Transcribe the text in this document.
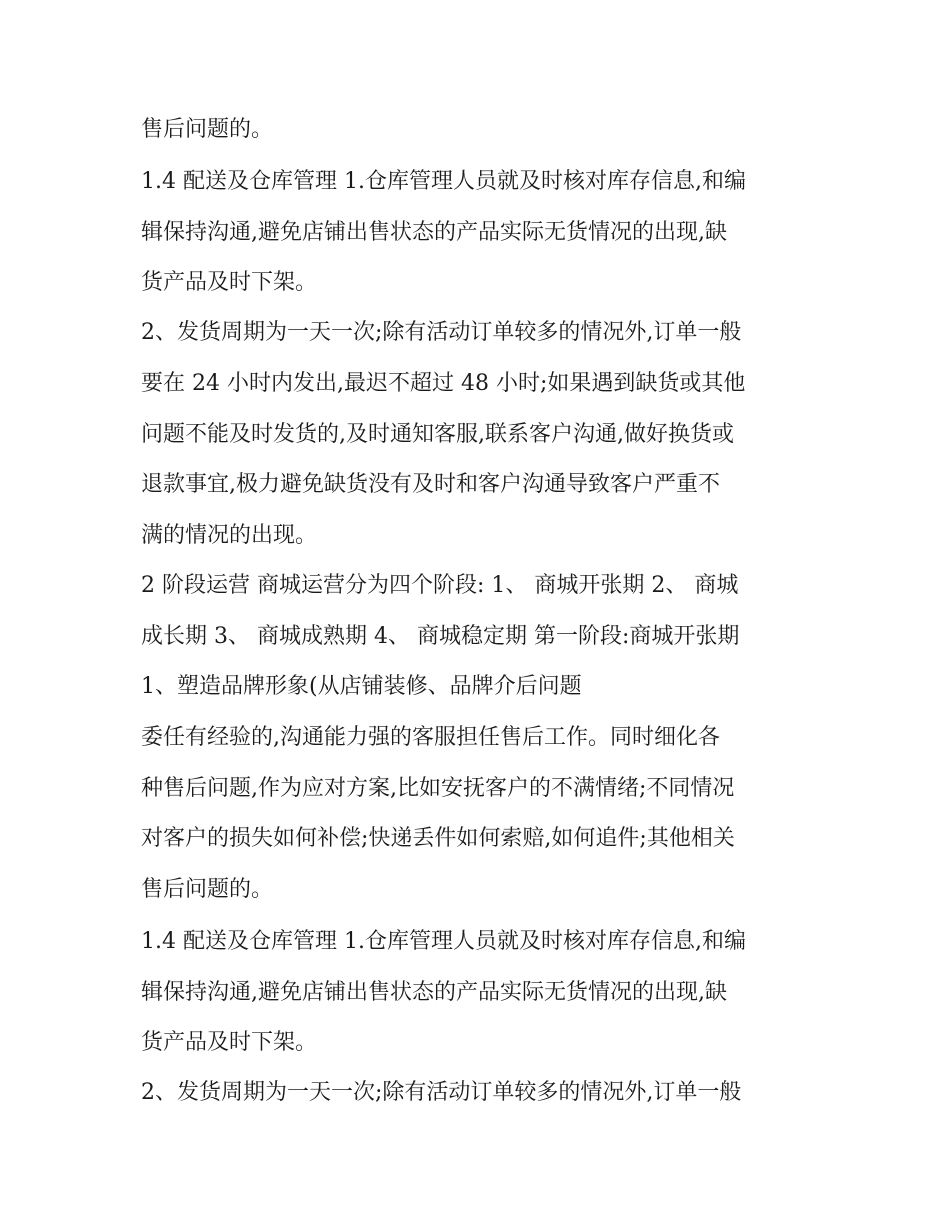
售后问题的。
1.4 配送及仓库管理 1.仓库管理人员就及时核对库存信息,和编
辑保持沟通,避免店铺出售状态的产品实际无货情况的出现,缺
货产品及时下架。
2、发货周期为一天一次;除有活动订单较多的情况外,订单一般
要在 24 小时内发出,最迟不超过 48 小时;如果遇到缺货或其他
问题不能及时发货的,及时通知客服,联系客户沟通,做好换货或
退款事宜,极力避免缺货没有及时和客户沟通导致客户严重不
满的情况的出现。
2 阶段运营 商城运营分为四个阶段: 1、 商城开张期 2、 商城
成长期 3、 商城成熟期 4、 商城稳定期 第一阶段:商城开张期
1、塑造品牌形象(从店铺装修、品牌介后问题
委任有经验的,沟通能力强的客服担任售后工作。同时细化各
种售后问题,作为应对方案,比如安抚客户的不满情绪;不同情况
对客户的损失如何补偿;快递丢件如何索赔,如何追件;其他相关
售后问题的。
1.4 配送及仓库管理 1.仓库管理人员就及时核对库存信息,和编
辑保持沟通,避免店铺出售状态的产品实际无货情况的出现,缺
货产品及时下架。
2、发货周期为一天一次;除有活动订单较多的情况外,订单一般
